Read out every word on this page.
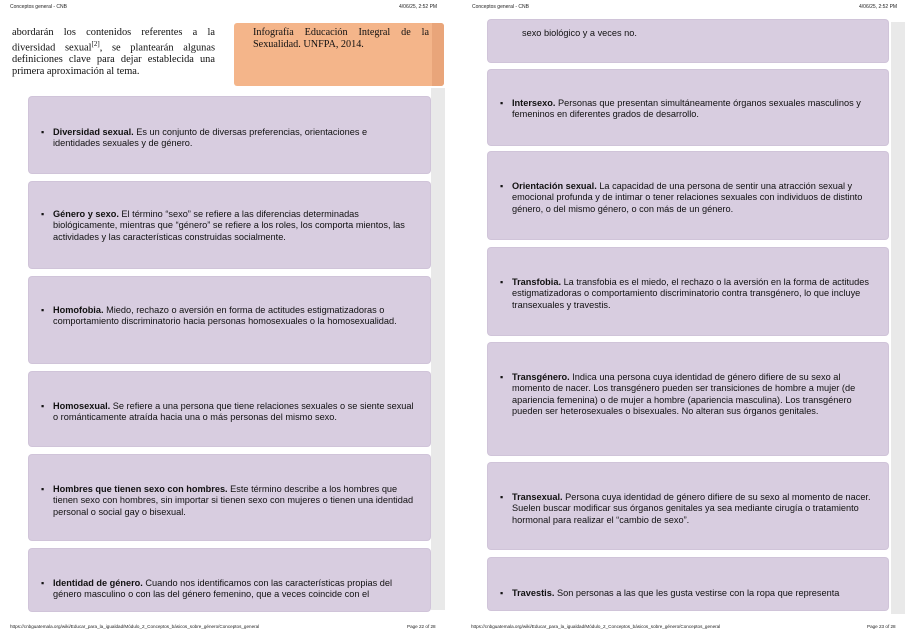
Conceptos general - CNB	4/06/25, 2:52 PM
abordarán los contenidos referentes a la diversidad sexual[2], se plantearán algunas definiciones clave para dejar establecida una primera aproximación al tema.
Infografía Educación Integral de la Sexualidad. UNFPA, 2014.
▪ Diversidad sexual. Es un conjunto de diversas preferencias, orientaciones e identidades sexuales y de género.
▪ Género y sexo. El término “sexo” se refiere a las diferencias determinadas biológicamente, mientras que “género” se refiere a los roles, los comporta mientos, las actividades y las características construidas socialmente.
▪ Homofobia. Miedo, rechazo o aversión en forma de actitudes estigmatizadoras o comportamiento discriminatorio hacia personas homosexuales o la homosexualidad.
▪ Homosexual. Se refiere a una persona que tiene relaciones sexuales o se siente sexual o románticamente atraída hacia una o más personas del mismo sexo.
▪ Hombres que tienen sexo con hombres. Este término describe a los hombres que tienen sexo con hombres, sin importar si tienen sexo con mujeres o tienen una identidad personal o social gay o bisexual.
▪ Identidad de género. Cuando nos identificamos con las características propias del género masculino o con las del género femenino, que a veces coincide con el
https://cnbguatemala.org/wiki/Educar_para_la_igualdad/Módulo_2_Conceptos_básicos_sobre_género/Conceptos_general	Page 22 of 28
Conceptos general - CNB	4/06/25, 2:52 PM
sexo biológico y a veces no.
▪ Intersexo. Personas que presentan simultáneamente órganos sexuales masculinos y femeninos en diferentes grados de desarrollo.
▪ Orientación sexual. La capacidad de una persona de sentir una atracción sexual y emocional profunda y de intimar o tener relaciones sexuales con individuos de distinto género, o del mismo género, o con más de un género.
▪ Transfobia. La transfobia es el miedo, el rechazo o la aversión en la forma de actitudes estigmatizadoras o comportamiento discriminatorio contra transgénero, lo que incluye transexuales y travestis.
▪ Transgénero. Indica una persona cuya identidad de género difiere de su sexo al momento de nacer. Los transgénero pueden ser transiciones de hombre a mujer (de apariencia femenina) o de mujer a hombre (apariencia masculina). Los transgénero pueden ser heterosexuales o bisexuales. No alteran sus órganos genitales.
▪ Transexual. Persona cuya identidad de género difiere de su sexo al momento de nacer. Suelen buscar modificar sus órganos genitales ya sea mediante cirugía o tratamiento hormonal para realizar el “cambio de sexo”.
▪ Travestis. Son personas a las que les gusta vestirse con la ropa que representa
https://cnbguatemala.org/wiki/Educar_para_la_igualdad/Módulo_2_Conceptos_básicos_sobre_género/Conceptos_general	Page 23 of 28
